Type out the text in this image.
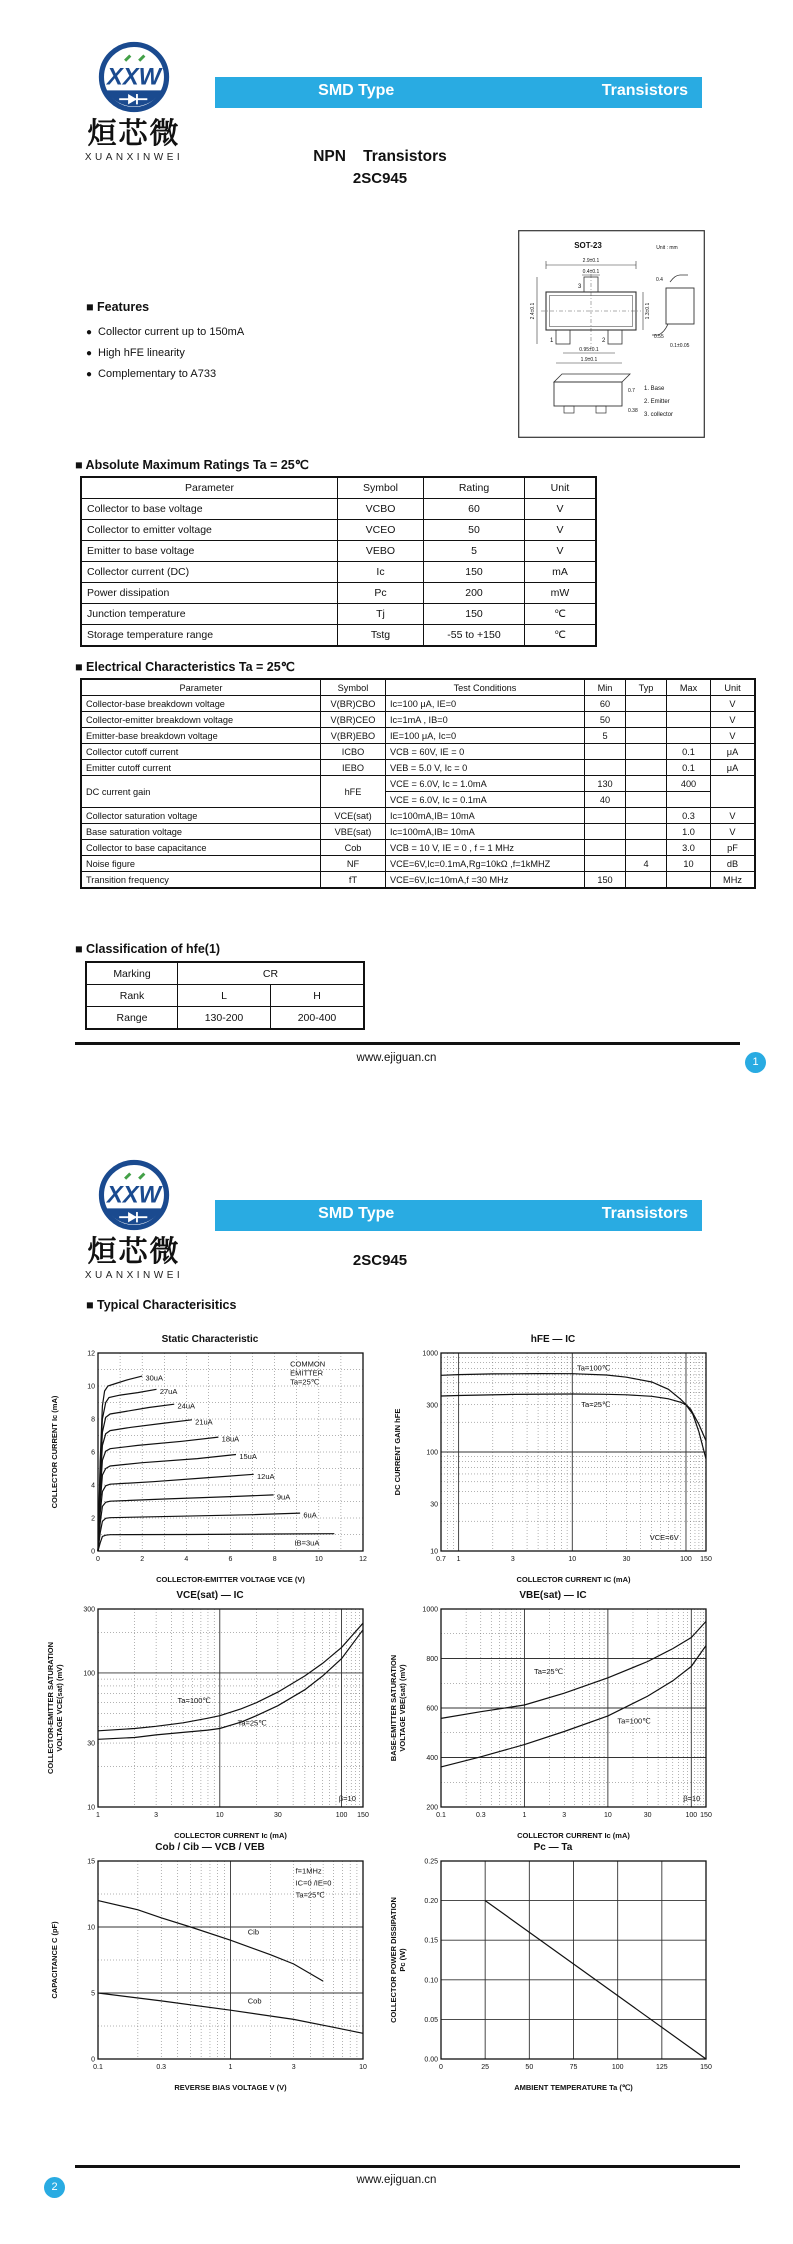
XXW
烜芯微
XUANXINWEI
SMD Type	Transistors
NPN    Transistors
2SC945
SOT-23	Unit : mm
2.9±0.1
0.4±0.1
3
1	2
2.4±0.1	1.3±0.1
0.95±0.1
1.9±0.1
0.4
0.55
0.1±0.05
0.7
0.38
1. Base
2. Emitter
3. collector
■ Features
● Collector current up to 150mA
● High hFE linearity
● Complementary to A733
■ Absolute Maximum Ratings Ta = 25℃
Parameter	Symbol	Rating	Unit
Collector to base voltage	VCBO	60	V
Collector to emitter voltage	VCEO	50	V
Emitter to base voltage	VEBO	5	V
Collector current (DC)	Ic	150	mA
Power dissipation	Pc	200	mW
Junction temperature	Tj	150	℃
Storage temperature range	Tstg	-55 to +150	℃
■ Electrical Characteristics Ta = 25℃
Parameter	Symbol	Test Conditions	Min	Typ	Max	Unit
Collector-base breakdown voltage	V(BR)CBO	Ic=100 μA, IE=0	60			V
Collector-emitter breakdown voltage	V(BR)CEO	Ic=1mA , IB=0	50			V
Emitter-base breakdown voltage	V(BR)EBO	IE=100 μA, Ic=0	5			V
Collector cutoff current	ICBO	VCB = 60V, IE = 0			0.1	μA
Emitter cutoff current	IEBO	VEB = 5.0 V, Ic = 0			0.1	μA
DC current gain	hFE	VCE = 6.0V, Ic = 1.0mA	130		400	
		VCE = 6.0V, Ic = 0.1mA	40			
Collector saturation voltage	VCE(sat)	Ic=100mA,IB= 10mA			0.3	V
Base saturation voltage	VBE(sat)	Ic=100mA,IB= 10mA			1.0	V
Collector to base capacitance	Cob	VCB = 10 V, IE = 0 , f = 1 MHz			3.0	pF
Noise figure	NF	VCE=6V,Ic=0.1mA,Rg=10kΩ ,f=1kMHZ		4	10	dB
Transition frequency	fT	VCE=6V,Ic=10mA,f =30 MHz	150			MHz
■ Classification of hfe(1)
Marking	CR	
Rank	L	H
Range	130-200	200-400
www.ejiguan.cn	1
XXW
烜芯微
XUANXINWEI
SMD Type	Transistors
2SC945
■ Typical Characterisitics
Static Characteristic
0	2	4	6	8	10	12
0
2
4
6
8
10
12
30uA
27uA
24uA
21uA
18uA
15uA
12uA
9uA
6uA
IB=3uA
COMMON
EMITTER
Ta=25℃
COLLECTOR-EMITTER VOLTAGE VCE (V)
COLLECTOR CURRENT Ic (mA)
hFE — IC
0.7 1	3	10	30	100 150
10
30
100
300
1000
Ta=100℃
Ta=25℃
VCE=6V
COLLECTOR CURRENT IC (mA)
DC CURRENT GAIN hFE
VCE(sat) — IC
1	3	10	30	100 150
10
30
100
300
Ta=100℃
Ta=25℃
β=10
COLLECTOR CURRENT Ic (mA)
COLLECTOR-EMITTER SATURATION VOLTAGE VCE(sat) (mV)
VBE(sat) — IC
0.1	0.3	1	3	10	30	100 150
200
400
600
800
1000
Ta=25℃
Ta=100℃
β=10
COLLECTOR CURRENT Ic (mA)
BASE-EMITTER SATURATION VOLTAGE VBE(sat) (mV)
Cob / Cib — VCB / VEB
0.1	0.3	1	3	10
0
5
10
15
Cib
Cob
f=1MHz
IC=0 /IE=0
Ta=25℃
REVERSE BIAS VOLTAGE V (V)
CAPACITANCE C (pF)
Pc — Ta
0	25	50	75	100	125	150
0.00
0.05
0.10
0.15
0.20
0.25
AMBIENT TEMPERATURE Ta (℃)
COLLECTOR POWER DISSIPATION Pc (W)
www.ejiguan.cn
2
